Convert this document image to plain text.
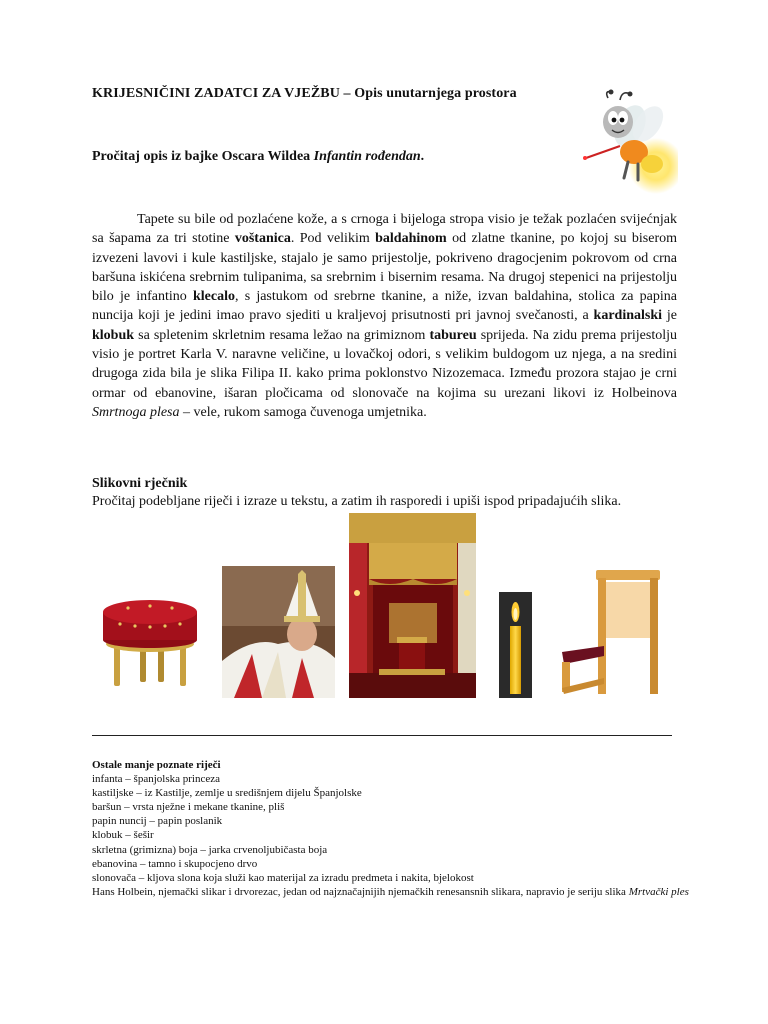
KRIJESNIČINI ZADATCI ZA VJEŽBU – Opis unutarnjega prostora
Pročitaj opis iz bajke Oscara Wildea Infantin rođendan.

Tapete su bile od pozlaćene kože, a s crnoga i bijeloga stropa visio je težak pozlaćen svijećnjak sa šapama za tri stotine voštanica. Pod velikim baldahinom od zlatne tkanine, po kojoj su biserom izvezeni lavovi i kule kastiljske, stajalo je samo prijestolje, pokriveno dragocjenim pokrovom od crna baršuna iskićena srebrnim tulipanima, sa srebrnim i bisernim resama. Na drugoj stepenici na prijestolju bilo je infantino klecalo, s jastukom od srebrne tkanine, a niže, izvan baldahina, stolica za papina nuncija koji je jedini imao pravo sjediti u kraljevoj prisutnosti pri javnoj svečanosti, a kardinalski je klobuk sa spletenim skrletnim resama ležao na grimiznom tabureu sprijeda. Na zidu prema prijestolju visio je portret Karla V. naravne veličine, u lovačkoj odori, s velikim buldogom uz njega, a na sredini drugoga zida bila je slika Filipa II. kako prima poklonstvo Nizozemaca. Između prozora stajao je crni ormar od ebanovine, išaran pločicama od slonovače na kojima su urezani likovi iz Holbeinova Smrtnoga plesa – vele, rukom samoga čuvenoga umjetnika.

Slikovni rječnik
Pročitaj podebljane riječi i izraze u tekstu, a zatim ih rasporedi i upiši ispod pripadajućih slika.
Ostale manje poznate riječi
infanta – španjolska princeza
kastiljske – iz Kastilje, zemlje u središnjem dijelu Španjolske
baršun – vrsta nježne i mekane tkanine, pliš
papin nuncij – papin poslanik
klobuk – šešir
skrletna (grimizna) boja – jarka crvenoljubičasta boja
ebanovina – tamno i skupocjeno drvo
slonovača – kljova slona koja služi kao materijal za izradu predmeta i nakita, bjelokost
Hans Holbein, njemački slikar i drvorezac, jedan od najznačajnijih njemačkih renesansnih slikara, napravio je seriju slika Mrtvački ples
